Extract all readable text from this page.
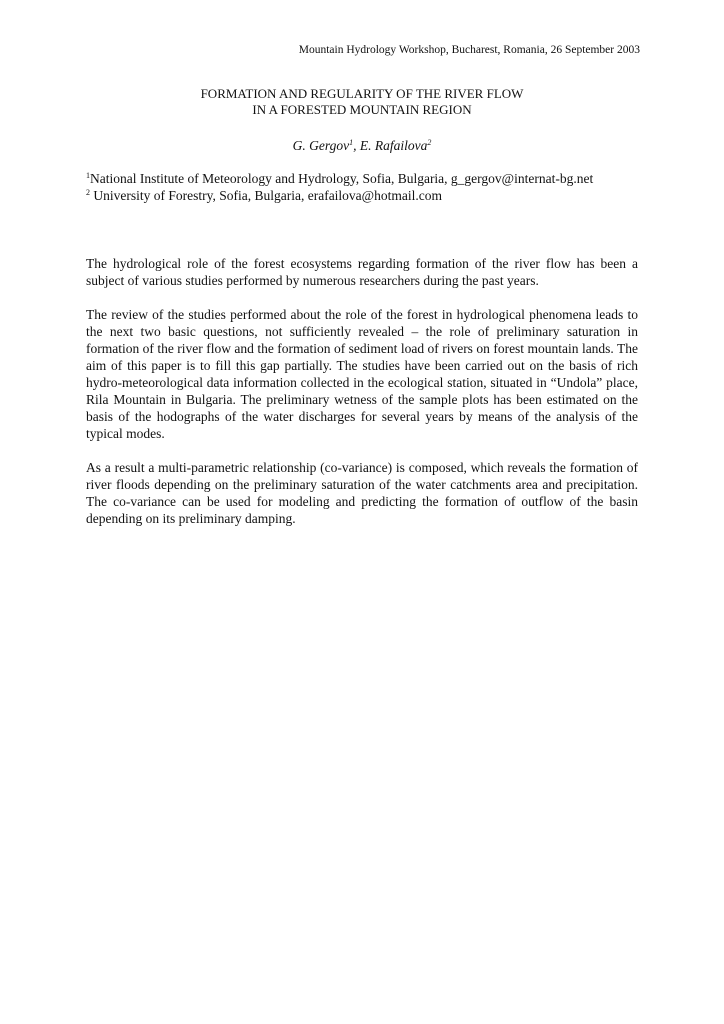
Mountain Hydrology Workshop, Bucharest, Romania, 26 September 2003
FORMATION AND REGULARITY OF THE RIVER FLOW
IN A FORESTED MOUNTAIN REGION
G. Gergov$^1$, E. Rafailova$^2$
$^1$National Institute of Meteorology and Hydrology, Sofia, Bulgaria, g_gergov@internat-bg.net
$^2$ University of Forestry, Sofia, Bulgaria, erafailova@hotmail.com

The hydrological role of the forest ecosystems regarding formation of the river flow has been a subject of various studies performed by numerous researchers during the past years.

The review of the studies performed about the role of the forest in hydrological phenomena leads to the next two basic questions, not sufficiently revealed – the role of preliminary saturation in formation of the river flow and the formation of sediment load of rivers on forest mountain lands. The aim of this paper is to fill this gap partially. The studies have been carried out on the basis of rich hydro-meteorological data information collected in the ecological station, situated in “Undola” place, Rila Mountain in Bulgaria. The preliminary wetness of the sample plots has been estimated on the basis of the hodographs of the water discharges for several years by means of the analysis of the typical modes.

As a result a multi-parametric relationship (co-variance) is composed, which reveals the formation of river floods depending on the preliminary saturation of the water catchments area and precipitation. The co-variance can be used for modeling and predicting the formation of outflow of the basin depending on its preliminary damping.
